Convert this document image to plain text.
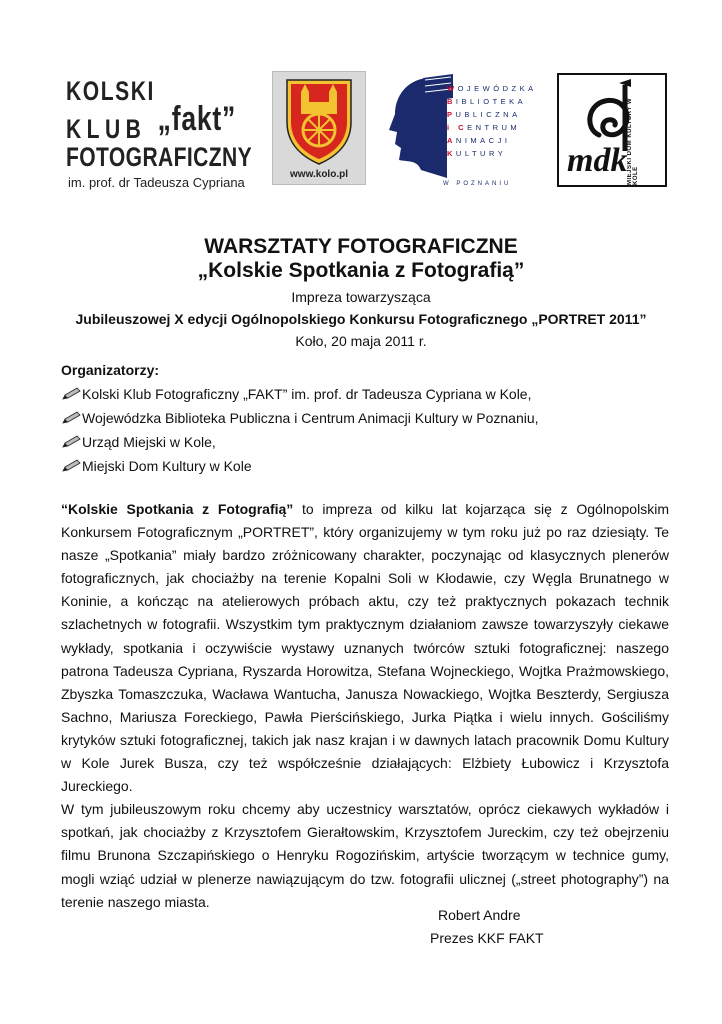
KOLSKI
KLUB „fakt”
FOTOGRAFICZNY
im. prof. dr Tadeusza Cypriana
www.kolo.pl
WOJEWÓDZKA
BIBLIOTEKA
PUBLICZNA
i CENTRUM
ANIMACJI
KULTURY
W POZNANIU
mdk MIEJSKI DOM KULTURY W KOLE
WARSZTATY FOTOGRAFICZNE
„Kolskie Spotkania z Fotografią”
Impreza towarzysząca
Jubileuszowej X edycji Ogólnopolskiego Konkursu Fotograficznego „PORTRET 2011”
Koło, 20 maja 2011 r.
Organizatorzy:
Kolski Klub Fotograficzny „FAKT” im. prof. dr Tadeusza Cypriana w Kole,
Wojewódzka Biblioteka Publiczna i Centrum Animacji Kultury w Poznaniu,
Urząd Miejski w Kole,
Miejski Dom Kultury w Kole

“Kolskie Spotkania z Fotografią” to impreza od kilku lat kojarząca się z Ogólnopolskim Konkursem Fotograficznym „PORTRET”, który organizujemy w tym roku już po raz dziesiąty. Te nasze „Spotkania” miały bardzo zróżnicowany charakter, poczynając od klasycznych plenerów fotograficznych, jak chociażby na terenie Kopalni Soli w Kłodawie, czy Węgla Brunatnego w Koninie, a kończąc na atelierowych próbach aktu, czy też praktycznych pokazach technik szlachetnych w fotografii. Wszystkim tym praktycznym działaniom zawsze towarzyszyły ciekawe wykłady, spotkania i oczywiście wystawy uznanych twórców sztuki fotograficznej: naszego patrona Tadeusza Cypriana, Ryszarda Horowitza, Stefana Wojneckiego, Wojtka Prażmowskiego, Zbyszka Tomaszczuka, Wacława Wantucha, Janusza Nowackiego, Wojtka Beszterdy, Sergiusza Sachno, Mariusza Foreckiego, Pawła Pierścińskiego, Jurka Piątka i wielu innych. Gościliśmy krytyków sztuki fotograficznej, takich jak nasz krajan i w dawnych latach pracownik Domu Kultury w Kole Jurek Busza, czy też współcześnie działających: Elżbiety Łubowicz i Krzysztofa Jureckiego.

W tym jubileuszowym roku chcemy aby uczestnicy warsztatów, oprócz ciekawych wykładów i spotkań, jak chociażby z Krzysztofem Gierałtowskim, Krzysztofem Jureckim, czy też obejrzeniu filmu Brunona Szczapińskiego o Henryku Rogozińskim, artyście tworzącym w technice gumy, mogli wziąć udział w plenerze nawiązującym do tzw. fotografii ulicznej („street photography”) na terenie naszego miasta.

Robert Andre
Prezes KKF FAKT
